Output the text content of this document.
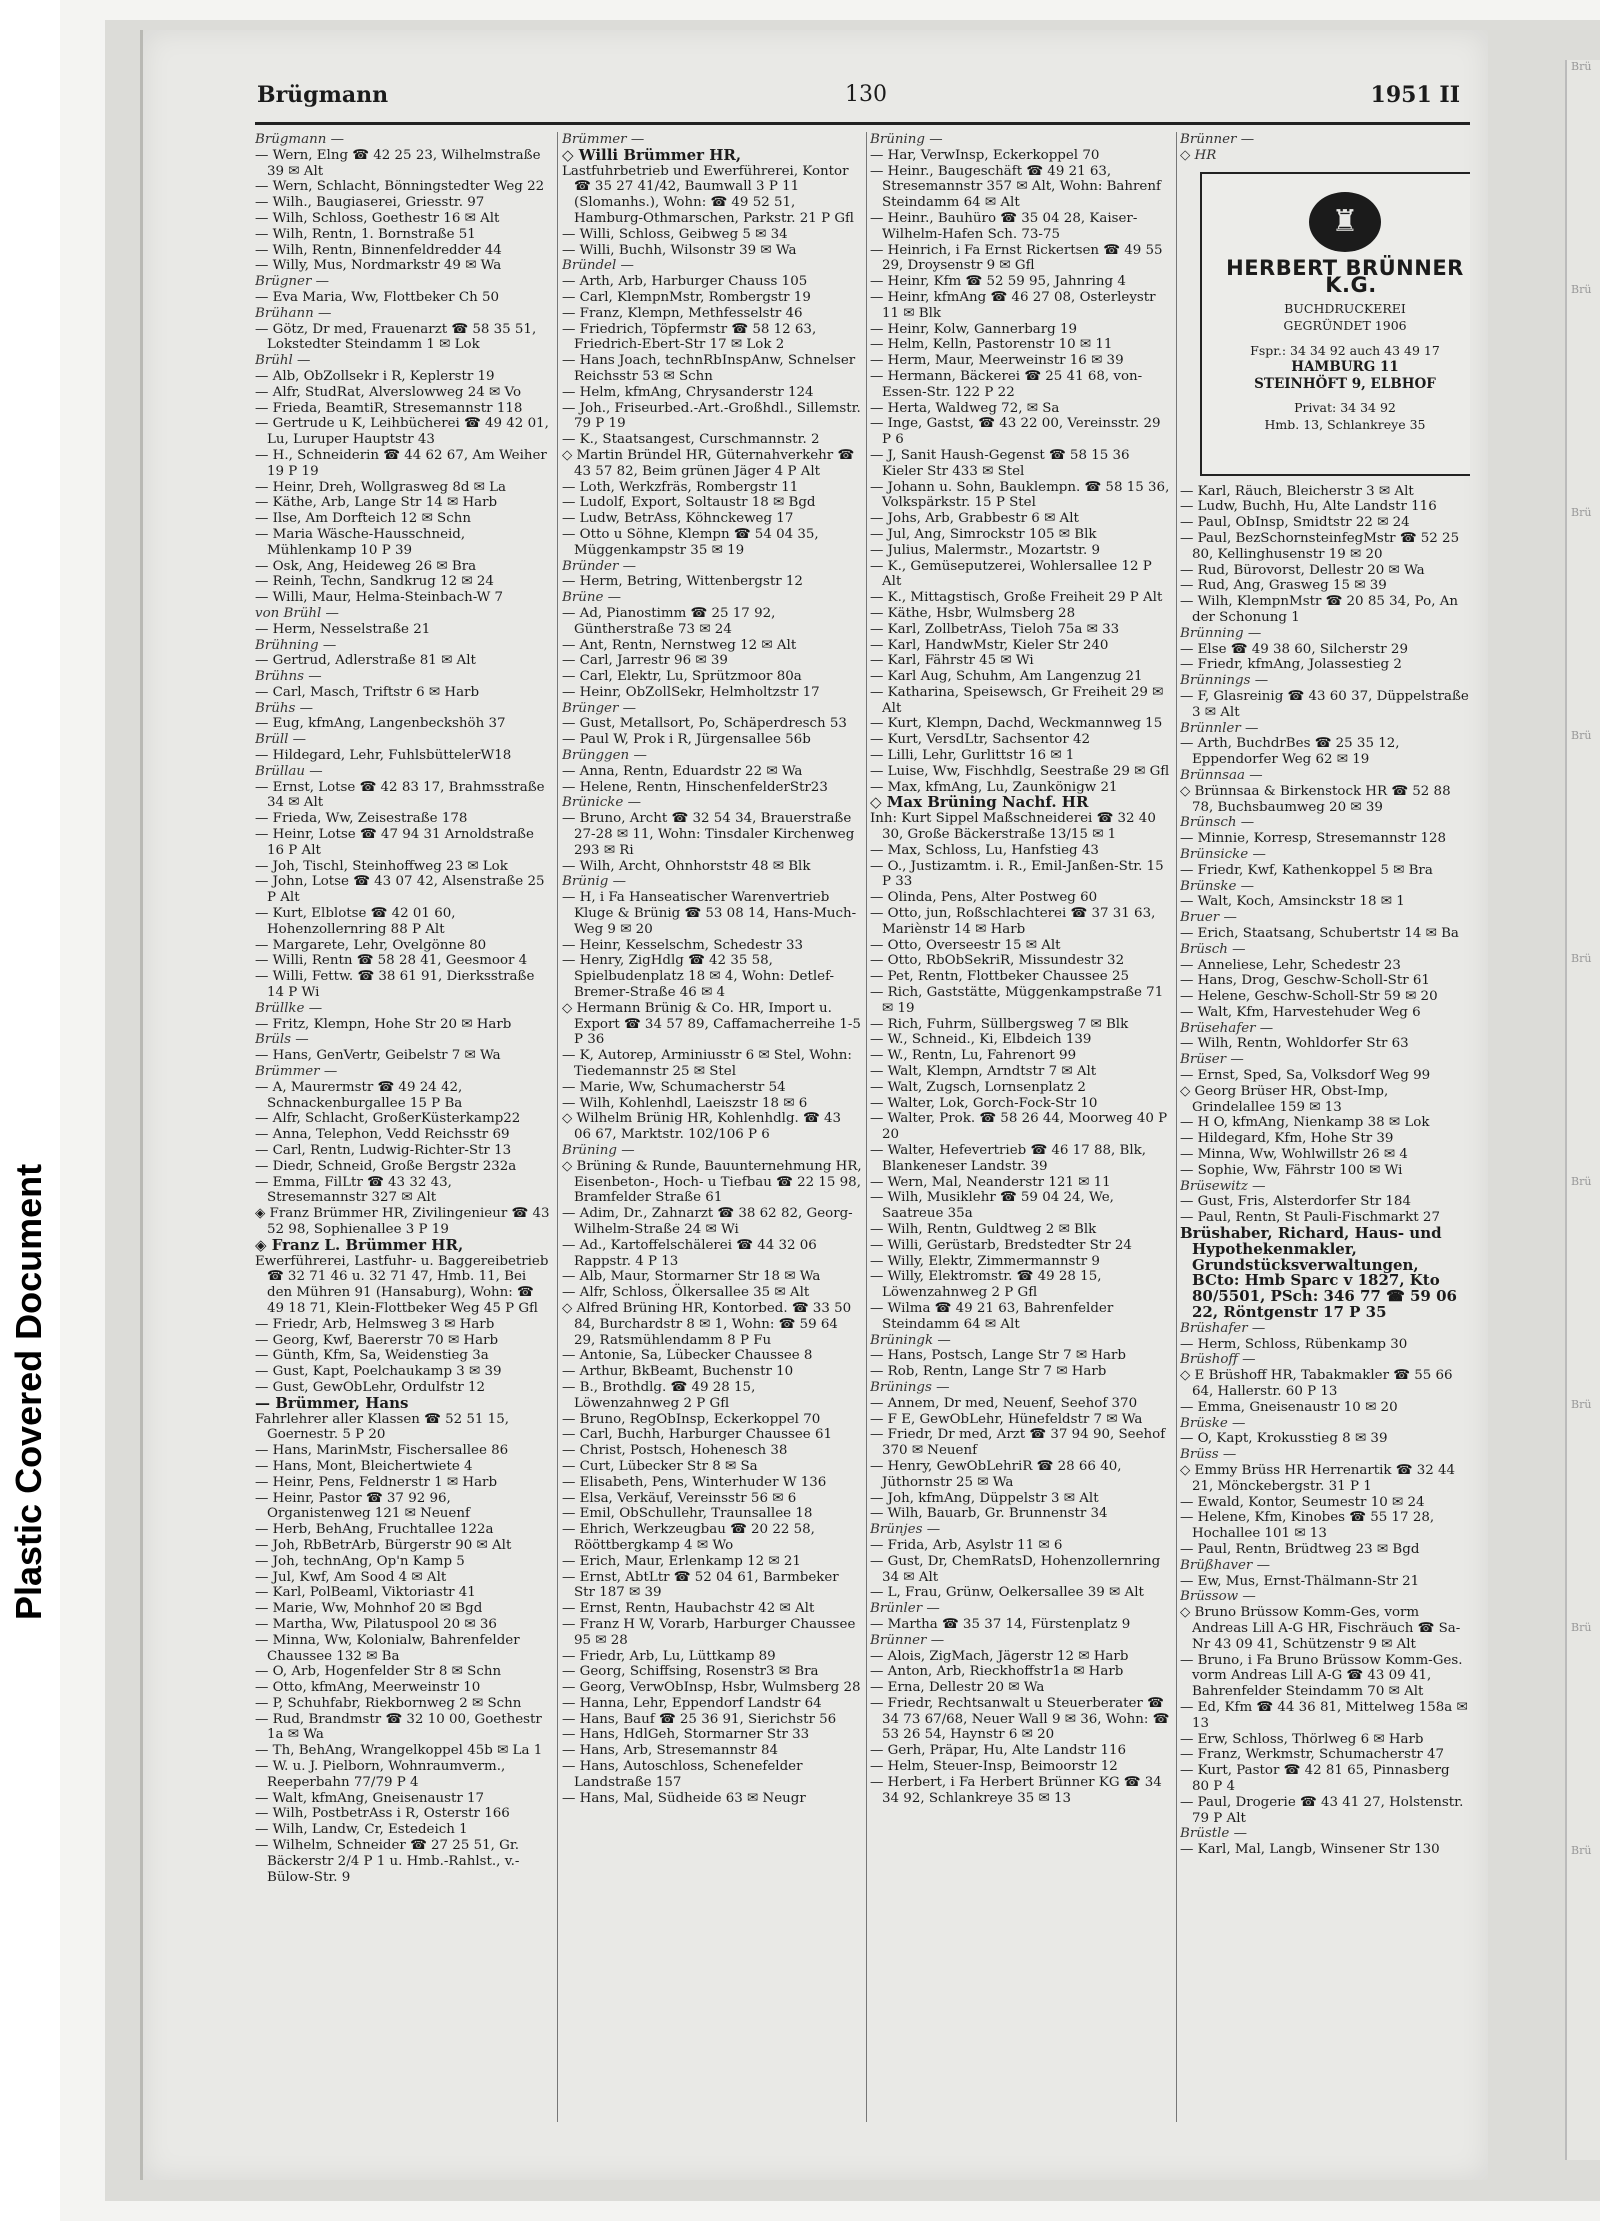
Plastic Covered Document
Brü
Brü
Brü
Brü
Brü
Brü
Brü
Brü
Brü
Brügmann	130	1951 II
Brügmann —
— Wern, Elng ☎ 42 25 23, Wilhelmstraße 39 ✉ Alt
— Wern, Schlacht, Bönningstedter Weg 22
— Wilh., Baugiaserei, Griesstr. 97
— Wilh, Schloss, Goethestr 16 ✉ Alt
— Wilh, Rentn, 1. Bornstraße 51
— Wilh, Rentn, Binnenfeldredder 44
— Willy, Mus, Nordmarkstr 49 ✉ Wa
Brügner —
— Eva Maria, Ww, Flottbeker Ch 50
Brühann —
— Götz, Dr med, Frauenarzt ☎ 58 35 51, Lokstedter Steindamm 1 ✉ Lok
Brühl —
— Alb, ObZollsekr i R, Keplerstr 19
— Alfr, StudRat, Alverslowweg 24 ✉ Vo
— Frieda, BeamtiR, Stresemannstr 118
— Gertrude u K, Leihbücherei ☎ 49 42 01, Lu, Luruper Hauptstr 43
— H., Schneiderin ☎ 44 62 67, Am Weiher 19 P 19
— Heinr, Dreh, Wollgrasweg 8d ✉ La
— Käthe, Arb, Lange Str 14 ✉ Harb
— Ilse, Am Dorfteich 12 ✉ Schn
— Maria Wäsche-Hausschneid, Mühlenkamp 10 P 39
— Osk, Ang, Heideweg 26 ✉ Bra
— Reinh, Techn, Sandkrug 12 ✉ 24
— Willi, Maur, Helma-Steinbach-W 7
von Brühl —
— Herm, Nesselstraße 21
Brühning —
— Gertrud, Adlerstraße 81 ✉ Alt
Brühns —
— Carl, Masch, Triftstr 6 ✉ Harb
Brühs —
— Eug, kfmAng, Langenbeckshöh 37
Brüll —
— Hildegard, Lehr, FuhlsbüttelerW18
Brüllau —
— Ernst, Lotse ☎ 42 83 17, Brahmsstraße 34 ✉ Alt
— Frieda, Ww, Zeisestraße 178
— Heinr, Lotse ☎ 47 94 31 Arnoldstraße 16 P Alt
— Joh, Tischl, Steinhoffweg 23 ✉ Lok
— John, Lotse ☎ 43 07 42, Alsenstraße 25 P Alt
— Kurt, Elblotse ☎ 42 01 60, Hohenzollernring 88 P Alt
— Margarete, Lehr, Ovelgönne 80
— Willi, Rentn ☎ 58 28 41, Geesmoor 4
— Willi, Fettw. ☎ 38 61 91, Dierksstraße 14 P Wi
Brüllke —
— Fritz, Klempn, Hohe Str 20 ✉ Harb
Brüls —
— Hans, GenVertr, Geibelstr 7 ✉ Wa
Brümmer —
— A, Maurermstr ☎ 49 24 42, Schnackenburgallee 15 P Ba
— Alfr, Schlacht, GroßerKüsterkamp22
— Anna, Telephon, Vedd Reichsstr 69
— Carl, Rentn, Ludwig-Richter-Str 13
— Diedr, Schneid, Große Bergstr 232a
— Emma, FilLtr ☎ 43 32 43, Stresemannstr 327 ✉ Alt
◈ Franz Brümmer HR, Zivilingenieur ☎ 43 52 98, Sophienallee 3 P 19
◈ Franz L. Brümmer HR,
Ewerführerei, Lastfuhr- u. Baggereibetrieb ☎ 32 71 46 u. 32 71 47, Hmb. 11, Bei den Mühren 91 (Hansaburg), Wohn: ☎ 49 18 71, Klein-Flottbeker Weg 45 P Gfl
— Friedr, Arb, Helmsweg 3 ✉ Harb
— Georg, Kwf, Baererstr 70 ✉ Harb
— Günth, Kfm, Sa, Weidenstieg 3a
— Gust, Kapt, Poelchaukamp 3 ✉ 39
— Gust, GewObLehr, Ordulfstr 12
— Brümmer, Hans
Fahrlehrer aller Klassen ☎ 52 51 15, Goernestr. 5 P 20
— Hans, MarinMstr, Fischersallee 86
— Hans, Mont, Bleichertwiete 4
— Heinr, Pens, Feldnerstr 1 ✉ Harb
— Heinr, Pastor ☎ 37 92 96, Organistenweg 121 ✉ Neuenf
— Herb, BehAng, Fruchtallee 122a
— Joh, RbBetrArb, Bürgerstr 90 ✉ Alt
— Joh, technAng, Op'n Kamp 5
— Jul, Kwf, Am Sood 4 ✉ Alt
— Karl, PolBeaml, Viktoriastr 41
— Marie, Ww, Mohnhof 20 ✉ Bgd
— Martha, Ww, Pilatuspool 20 ✉ 36
— Minna, Ww, Kolonialw, Bahrenfelder Chaussee 132 ✉ Ba
— O, Arb, Hogenfelder Str 8 ✉ Schn
— Otto, kfmAng, Meerweinstr 10
— P, Schuhfabr, Riekbornweg 2 ✉ Schn
— Rud, Brandmstr ☎ 32 10 00, Goethestr 1a ✉ Wa
— Th, BehAng, Wrangelkoppel 45b ✉ La 1
— W. u. J. Pielborn, Wohnraumverm., Reeperbahn 77/79 P 4
— Walt, kfmAng, Gneisenaustr 17
— Wilh, PostbetrAss i R, Osterstr 166
— Wilh, Landw, Cr, Estedeich 1
— Wilhelm, Schneider ☎ 27 25 51, Gr. Bäckerstr 2/4 P 1 u. Hmb.-Rahlst., v.-Bülow-Str. 9
Brümmer —
◇ Willi Brümmer HR,
Lastfuhrbetrieb und Ewerführerei, Kontor ☎ 35 27 41/42, Baumwall 3 P 11 (Slomanhs.), Wohn: ☎ 49 52 51, Hamburg-Othmarschen, Parkstr. 21 P Gfl
— Willi, Schloss, Geibweg 5 ✉ 34
— Willi, Buchh, Wilsonstr 39 ✉ Wa
Bründel —
— Arth, Arb, Harburger Chauss 105
— Carl, KlempnMstr, Rombergstr 19
— Franz, Klempn, Methfesselstr 46
— Friedrich, Töpfermstr ☎ 58 12 63, Friedrich-Ebert-Str 17 ✉ Lok 2
— Hans Joach, technRbInspAnw, Schnelser Reichsstr 53 ✉ Schn
— Helm, kfmAng, Chrysanderstr 124
— Joh., Friseurbed.-Art.-Großhdl., Sillemstr. 79 P 19
— K., Staatsangest, Curschmannstr. 2
◇ Martin Bründel HR, Güternahverkehr ☎ 43 57 82, Beim grünen Jäger 4 P Alt
— Loth, Werkzfräs, Rombergstr 11
— Ludolf, Export, Soltaustr 18 ✉ Bgd
— Ludw, BetrAss, Köhnckeweg 17
— Otto u Söhne, Klempn ☎ 54 04 35, Müggenkampstr 35 ✉ 19
Bründer —
— Herm, Betring, Wittenbergstr 12
Brüne —
— Ad, Pianostimm ☎ 25 17 92, Güntherstraße 73 ✉ 24
— Ant, Rentn, Nernstweg 12 ✉ Alt
— Carl, Jarrestr 96 ✉ 39
— Carl, Elektr, Lu, Sprützmoor 80a
— Heinr, ObZollSekr, Helmholtzstr 17
Brünger —
— Gust, Metallsort, Po, Schäperdresch 53
— Paul W, Prok i R, Jürgensallee 56b
Brünggen —
— Anna, Rentn, Eduardstr 22 ✉ Wa
— Helene, Rentn, HinschenfelderStr23
Brünicke —
— Bruno, Archt ☎ 32 54 34, Brauerstraße 27-28 ✉ 11, Wohn: Tinsdaler Kirchenweg 293 ✉ Ri
— Wilh, Archt, Ohnhorststr 48 ✉ Blk
Brünig —
— H, i Fa Hanseatischer Warenvertrieb Kluge & Brünig ☎ 53 08 14, Hans-Much-Weg 9 ✉ 20
— Heinr, Kesselschm, Schedestr 33
— Henry, ZigHdlg ☎ 42 35 58, Spielbudenplatz 18 ✉ 4, Wohn: Detlef-Bremer-Straße 46 ✉ 4
◇ Hermann Brünig & Co. HR, Import u. Export ☎ 34 57 89, Caffamacherreihe 1-5 P 36
— K, Autorep, Arminiusstr 6 ✉ Stel, Wohn: Tiedemannstr 25 ✉ Stel
— Marie, Ww, Schumacherstr 54
— Wilh, Kohlenhdl, Laeiszstr 18 ✉ 6
◇ Wilhelm Brünig HR, Kohlenhdlg. ☎ 43 06 67, Marktstr. 102/106 P 6
Brüning —
◇ Brüning & Runde, Bauunternehmung HR, Eisenbeton-, Hoch- u Tiefbau ☎ 22 15 98, Bramfelder Straße 61
— Adim, Dr., Zahnarzt ☎ 38 62 82, Georg-Wilhelm-Straße 24 ✉ Wi
— Ad., Kartoffelschälerei ☎ 44 32 06 Rappstr. 4 P 13
— Alb, Maur, Stormarner Str 18 ✉ Wa
— Alfr, Schloss, Ölkersallee 35 ✉ Alt
◇ Alfred Brüning HR, Kontorbed. ☎ 33 50 84, Burchardstr 8 ✉ 1, Wohn: ☎ 59 64 29, Ratsmühlendamm 8 P Fu
— Antonie, Sa, Lübecker Chaussee 8
— Arthur, BkBeamt, Buchenstr 10
— B., Brothdlg. ☎ 49 28 15, Löwenzahnweg 2 P Gfl
— Bruno, RegObInsp, Eckerkoppel 70
— Carl, Buchh, Harburger Chaussee 61
— Christ, Postsch, Hohenesch 38
— Curt, Lübecker Str 8 ✉ Sa
— Elisabeth, Pens, Winterhuder W 136
— Elsa, Verkäuf, Vereinsstr 56 ✉ 6
— Emil, ObSchullehr, Traunsallee 18
— Ehrich, Werkzeugbau ☎ 20 22 58, Rööttbergkamp 4 ✉ Wo
— Erich, Maur, Erlenkamp 12 ✉ 21
— Ernst, AbtLtr ☎ 52 04 61, Barmbeker Str 187 ✉ 39
— Ernst, Rentn, Haubachstr 42 ✉ Alt
— Franz H W, Vorarb, Harburger Chaussee 95 ✉ 28
— Friedr, Arb, Lu, Lüttkamp 89
— Georg, Schiffsing, Rosenstr3 ✉ Bra
— Georg, VerwObInsp, Hsbr, Wulmsberg 28
— Hanna, Lehr, Eppendorf Landstr 64
— Hans, Bauf ☎ 25 36 91, Sierichstr 56
— Hans, HdlGeh, Stormarner Str 33
— Hans, Arb, Stresemannstr 84
— Hans, Autoschloss, Schenefelder Landstraße 157
— Hans, Mal, Südheide 63 ✉ Neugr
Brüning —
— Har, VerwInsp, Eckerkoppel 70
— Heinr., Baugeschäft ☎ 49 21 63, Stresemannstr 357 ✉ Alt, Wohn: Bahrenf Steindamm 64 ✉ Alt
— Heinr., Bauhüro ☎ 35 04 28, Kaiser-Wilhelm-Hafen Sch. 73-75
— Heinrich, i Fa Ernst Rickertsen ☎ 49 55 29, Droysenstr 9 ✉ Gfl
— Heinr, Kfm ☎ 52 59 95, Jahnring 4
— Heinr, kfmAng ☎ 46 27 08, Osterleystr 11 ✉ Blk
— Heinr, Kolw, Gannerbarg 19
— Helm, Kelln, Pastorenstr 10 ✉ 11
— Herm, Maur, Meerweinstr 16 ✉ 39
— Hermann, Bäckerei ☎ 25 41 68, von-Essen-Str. 122 P 22
— Herta, Waldweg 72, ✉ Sa
— Inge, Gastst, ☎ 43 22 00, Vereinsstr. 29 P 6
— J, Sanit Haush-Gegenst ☎ 58 15 36 Kieler Str 433 ✉ Stel
— Johann u. Sohn, Bauklempn. ☎ 58 15 36, Volkspärkstr. 15 P Stel
— Johs, Arb, Grabbestr 6 ✉ Alt
— Jul, Ang, Simrockstr 105 ✉ Blk
— Julius, Malermstr., Mozartstr. 9
— K., Gemüseputzerei, Wohlersallee 12 P Alt
— K., Mittagstisch, Große Freiheit 29 P Alt
— Käthe, Hsbr, Wulmsberg 28
— Karl, ZollbetrAss, Tieloh 75a ✉ 33
— Karl, HandwMstr, Kieler Str 240
— Karl, Fährstr 45 ✉ Wi
— Karl Aug, Schuhm, Am Langenzug 21
— Katharina, Speisewsch, Gr Freiheit 29 ✉ Alt
— Kurt, Klempn, Dachd, Weckmannweg 15
— Kurt, VersdLtr, Sachsentor 42
— Lilli, Lehr, Gurlittstr 16 ✉ 1
— Luise, Ww, Fischhdlg, Seestraße 29 ✉ Gfl
— Max, kfmAng, Lu, Zaunkönigw 21
◇ Max Brüning Nachf. HR
Inh: Kurt Sippel Maßschneiderei ☎ 32 40 30, Große Bäckerstraße 13/15 ✉ 1
— Max, Schloss, Lu, Hanfstieg 43
— O., Justizamtm. i. R., Emil-Janßen-Str. 15 P 33
— Olinda, Pens, Alter Postweg 60
— Otto, jun, Roßschlachterei ☎ 37 31 63, Mariènstr 14 ✉ Harb
— Otto, Overseestr 15 ✉ Alt
— Otto, RbObSekriR, Missundestr 32
— Pet, Rentn, Flottbeker Chaussee 25
— Rich, Gaststätte, Müggenkampstraße 71 ✉ 19
— Rich, Fuhrm, Süllbergsweg 7 ✉ Blk
— W., Schneid., Ki, Elbdeich 139
— W., Rentn, Lu, Fahrenort 99
— Walt, Klempn, Arndtstr 7 ✉ Alt
— Walt, Zugsch, Lornsenplatz 2
— Walter, Lok, Gorch-Fock-Str 10
— Walter, Prok. ☎ 58 26 44, Moorweg 40 P 20
— Walter, Hefevertrieb ☎ 46 17 88, Blk, Blankeneser Landstr. 39
— Wern, Mal, Neanderstr 121 ✉ 11
— Wilh, Musiklehr ☎ 59 04 24, We, Saatreue 35a
— Wilh, Rentn, Guldtweg 2 ✉ Blk
— Willi, Gerüstarb, Bredstedter Str 24
— Willy, Elektr, Zimmermannstr 9
— Willy, Elektromstr. ☎ 49 28 15, Löwenzahnweg 2 P Gfl
— Wilma ☎ 49 21 63, Bahrenfelder Steindamm 64 ✉ Alt
Brüningk —
— Hans, Postsch, Lange Str 7 ✉ Harb
— Rob, Rentn, Lange Str 7 ✉ Harb
Brünings —
— Annem, Dr med, Neuenf, Seehof 370
— F E, GewObLehr, Hünefeldstr 7 ✉ Wa
— Friedr, Dr med, Arzt ☎ 37 94 90, Seehof 370 ✉ Neuenf
— Henry, GewObLehriR ☎ 28 66 40, Jüthornstr 25 ✉ Wa
— Joh, kfmAng, Düppelstr 3 ✉ Alt
— Wilh, Bauarb, Gr. Brunnenstr 34
Brünjes —
— Frida, Arb, Asylstr 11 ✉ 6
— Gust, Dr, ChemRatsD, Hohenzollernring 34 ✉ Alt
— L, Frau, Grünw, Oelkersallee 39 ✉ Alt
Brünler —
— Martha ☎ 35 37 14, Fürstenplatz 9
Brünner —
— Alois, ZigMach, Jägerstr 12 ✉ Harb
— Anton, Arb, Rieckhoffstr1a ✉ Harb
— Erna, Dellestr 20 ✉ Wa
— Friedr, Rechtsanwalt u Steuerberater ☎ 34 73 67/68, Neuer Wall 9 ✉ 36, Wohn: ☎ 53 26 54, Haynstr 6 ✉ 20
— Gerh, Präpar, Hu, Alte Landstr 116
— Helm, Steuer-Insp, Beimoorstr 12
— Herbert, i Fa Herbert Brünner KG ☎ 34 34 92, Schlankreye 35 ✉ 13
Brünner —
◇ HR
♜
HERBERT BRÜNNER K.G.
BUCHDRUCKEREI
GEGRÜNDET 1906
Fspr.: 34 34 92 auch 43 49 17
HAMBURG 11
STEINHÖFT 9, ELBHOF
Privat: 34 34 92
Hmb. 13, Schlankreye 35
— Karl, Räuch, Bleicherstr 3 ✉ Alt
— Ludw, Buchh, Hu, Alte Landstr 116
— Paul, ObInsp, Smidtstr 22 ✉ 24
— Paul, BezSchornsteinfegMstr ☎ 52 25 80, Kellinghusenstr 19 ✉ 20
— Rud, Bürovorst, Dellestr 20 ✉ Wa
— Rud, Ang, Grasweg 15 ✉ 39
— Wilh, KlempnMstr ☎ 20 85 34, Po, An der Schonung 1
Brünning —
— Else ☎ 49 38 60, Silcherstr 29
— Friedr, kfmAng, Jolassestieg 2
Brünnings —
— F, Glasreinig ☎ 43 60 37, Düppelstraße 3 ✉ Alt
Brünnler —
— Arth, BuchdrBes ☎ 25 35 12, Eppendorfer Weg 62 ✉ 19
Brünnsaa —
◇ Brünnsaa & Birkenstock HR ☎ 52 88 78, Buchsbaumweg 20 ✉ 39
Brünsch —
— Minnie, Korresp, Stresemannstr 128
Brünsicke —
— Friedr, Kwf, Kathenkoppel 5 ✉ Bra
Brünske —
— Walt, Koch, Amsinckstr 18 ✉ 1
Bruer —
— Erich, Staatsang, Schubertstr 14 ✉ Ba
Brüsch —
— Anneliese, Lehr, Schedestr 23
— Hans, Drog, Geschw-Scholl-Str 61
— Helene, Geschw-Scholl-Str 59 ✉ 20
— Walt, Kfm, Harvestehuder Weg 6
Brüsehafer —
— Wilh, Rentn, Wohldorfer Str 63
Brüser —
— Ernst, Sped, Sa, Volksdorf Weg 99
◇ Georg Brüser HR, Obst-Imp, Grindelallee 159 ✉ 13
— H O, kfmAng, Nienkamp 38 ✉ Lok
— Hildegard, Kfm, Hohe Str 39
— Minna, Ww, Wohlwillstr 26 ✉ 4
— Sophie, Ww, Fährstr 100 ✉ Wi
Brüsewitz —
— Gust, Fris, Alsterdorfer Str 184
— Paul, Rentn, St Pauli-Fischmarkt 27
Brüshaber, Richard, Haus- und Hypothekenmakler, Grundstücksverwaltungen, BCto: Hmb Sparc v 1827, Kto 80/5501, PSch: 346 77 ☎ 59 06 22, Röntgenstr 17 P 35
Brüshafer —
— Herm, Schloss, Rübenkamp 30
Brüshoff —
◇ E Brüshoff HR, Tabakmakler ☎ 55 66 64, Hallerstr. 60 P 13
— Emma, Gneisenaustr 10 ✉ 20
Brüske —
— O, Kapt, Krokusstieg 8 ✉ 39
Brüss —
◇ Emmy Brüss HR Herrenartik ☎ 32 44 21, Mönckebergstr. 31 P 1
— Ewald, Kontor, Seumestr 10 ✉ 24
— Helene, Kfm, Kinobes ☎ 55 17 28, Hochallee 101 ✉ 13
— Paul, Rentn, Brüdtweg 23 ✉ Bgd
Brüßhaver —
— Ew, Mus, Ernst-Thälmann-Str 21
Brüssow —
◇ Bruno Brüssow Komm-Ges, vorm Andreas Lill A-G HR, Fischräuch ☎ Sa-Nr 43 09 41, Schützenstr 9 ✉ Alt
— Bruno, i Fa Bruno Brüssow Komm-Ges. vorm Andreas Lill A-G ☎ 43 09 41, Bahrenfelder Steindamm 70 ✉ Alt
— Ed, Kfm ☎ 44 36 81, Mittelweg 158a ✉ 13
— Erw, Schloss, Thörlweg 6 ✉ Harb
— Franz, Werkmstr, Schumacherstr 47
— Kurt, Pastor ☎ 42 81 65, Pinnasberg 80 P 4
— Paul, Drogerie ☎ 43 41 27, Holstenstr. 79 P Alt
Brüstle —
— Karl, Mal, Langb, Winsener Str 130
